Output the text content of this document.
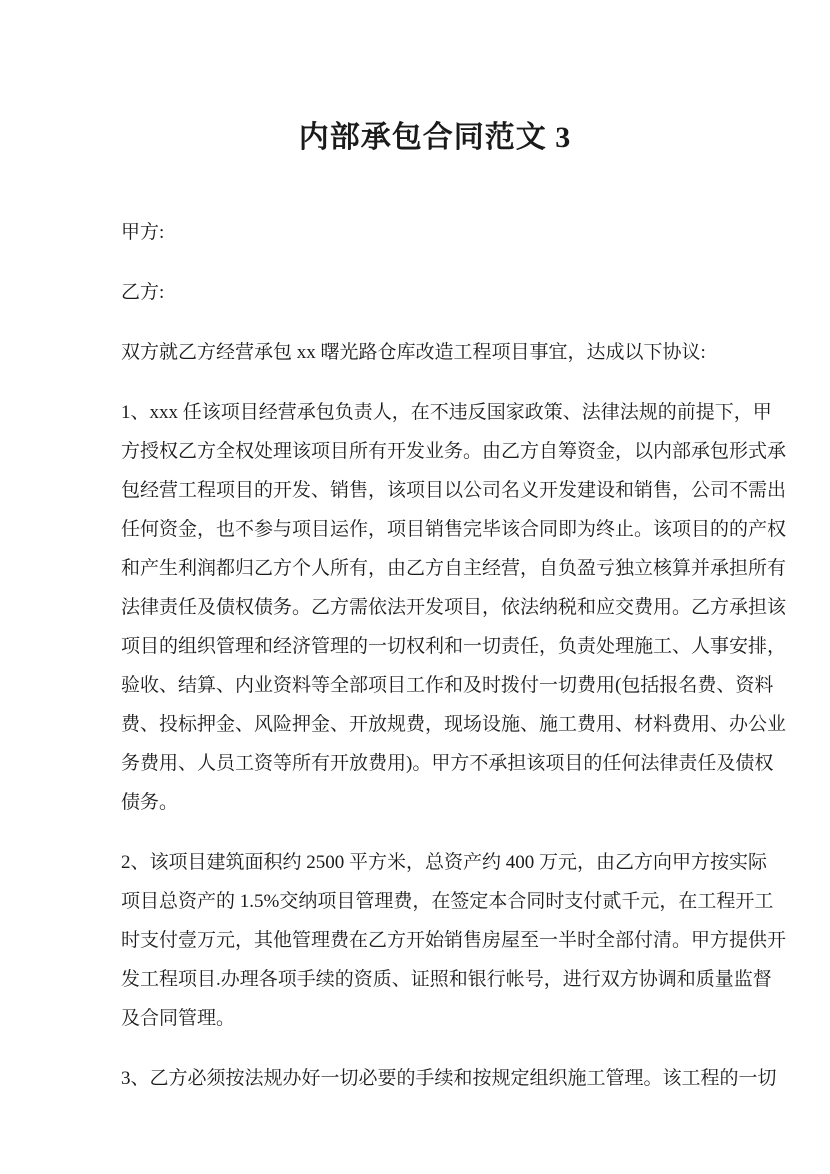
内部承包合同范文 3
甲方:
乙方:
双方就乙方经营承包 xx 曙光路仓库改造工程项目事宜，达成以下协议:
1、xxx 任该项目经营承包负责人，在不违反国家政策、法律法规的前提下，甲
方授权乙方全权处理该项目所有开发业务。由乙方自筹资金，以内部承包形式承
包经营工程项目的开发、销售，该项目以公司名义开发建设和销售，公司不需出
任何资金，也不参与项目运作，项目销售完毕该合同即为终止。该项目的的产权
和产生利润都归乙方个人所有，由乙方自主经营，自负盈亏独立核算并承担所有
法律责任及债权债务。乙方需依法开发项目，依法纳税和应交费用。乙方承担该
项目的组织管理和经济管理的一切权利和一切责任，负责处理施工、人事安排，
验收、结算、内业资料等全部项目工作和及时拨付一切费用(包括报名费、资料
费、投标押金、风险押金、开放规费，现场设施、施工费用、材料费用、办公业
务费用、人员工资等所有开放费用)。甲方不承担该项目的任何法律责任及债权
债务。
2、该项目建筑面积约 2500 平方米，总资产约 400 万元，由乙方向甲方按实际
项目总资产的 1.5%交纳项目管理费，在签定本合同时支付贰千元，在工程开工
时支付壹万元，其他管理费在乙方开始销售房屋至一半时全部付清。甲方提供开
发工程项目.办理各项手续的资质、证照和银行帐号，进行双方协调和质量监督
及合同管理。
3、乙方必须按法规办好一切必要的手续和按规定组织施工管理。该工程的一切
